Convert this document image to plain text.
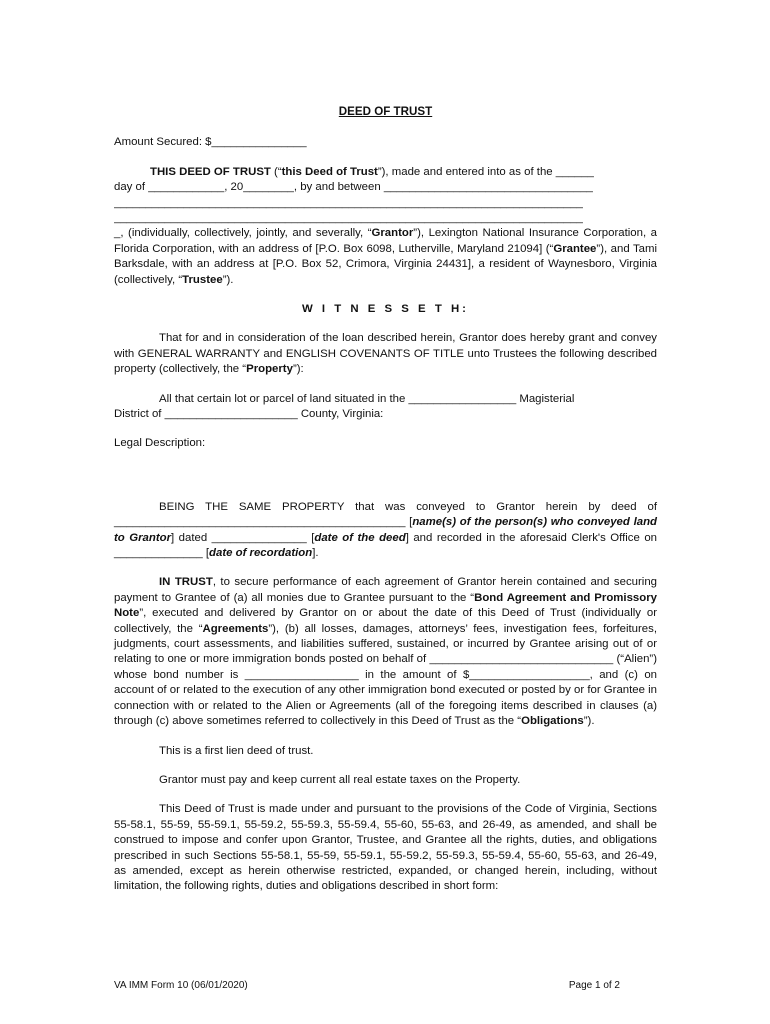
DEED OF TRUST

Amount Secured: $_______________

THIS DEED OF TRUST (“this Deed of Trust”), made and entered into as of the ______
day of ____________, 20________, by and between _________________________________
__________________________________________________________________________
__________________________________________________________________________

_, (individually, collectively, jointly, and severally, “Grantor”), Lexington National Insurance Corporation, a Florida Corporation, with an address of [P.O. Box 6098, Lutherville, Maryland 21094] (“Grantee”), and Tami Barksdale, with an address at [P.O. Box 52, Crimora, Virginia 24431], a resident of Waynesboro, Virginia (collectively, “Trustee”).

W I T N E S S E T H:

That for and in consideration of the loan described herein, Grantor does hereby grant and convey with GENERAL WARRANTY and ENGLISH COVENANTS OF TITLE unto Trustees the following described property (collectively, the “Property”):

All that certain lot or parcel of land situated in the _________________ Magisterial
District of _____________________ County, Virginia:

Legal Description:

BEING THE SAME PROPERTY that was conveyed to Grantor herein by deed of ______________________________________________ [name(s) of the person(s) who conveyed land to Grantor] dated _______________ [date of the deed] and recorded in the aforesaid Clerk's Office on ______________ [date of recordation].

IN TRUST, to secure performance of each agreement of Grantor herein contained and securing payment to Grantee of (a) all monies due to Grantee pursuant to the “Bond Agreement and Promissory Note”, executed and delivered by Grantor on or about the date of this Deed of Trust (individually or collectively, the “Agreements”), (b) all losses, damages, attorneys’ fees, investigation fees, forfeitures, judgments, court assessments, and liabilities suffered, sustained, or incurred by Grantee arising out of or relating to one or more immigration bonds posted on behalf of _____________________________ (“Alien”) whose bond number is __________________ in the amount of $___________________, and (c) on account of or related to the execution of any other immigration bond executed or posted by or for Grantee in connection with or related to the Alien or Agreements (all of the foregoing items described in clauses (a) through (c) above sometimes referred to collectively in this Deed of Trust as the “Obligations”).

This is a first lien deed of trust.

Grantor must pay and keep current all real estate taxes on the Property.

This Deed of Trust is made under and pursuant to the provisions of the Code of Virginia, Sections 55-58.1, 55-59, 55-59.1, 55-59.2, 55-59.3, 55-59.4, 55-60, 55-63, and 26-49, as amended, and shall be construed to impose and confer upon Grantor, Trustee, and Grantee all the rights, duties, and obligations prescribed in such Sections 55-58.1, 55-59, 55-59.1, 55-59.2, 55-59.3, 55-59.4, 55-60, 55-63, and 26-49, as amended, except as herein otherwise restricted, expanded, or changed herein, including, without limitation, the following rights, duties and obligations described in short form:

VA IMM Form 10 (06/01/2020)	Page 1 of 2
